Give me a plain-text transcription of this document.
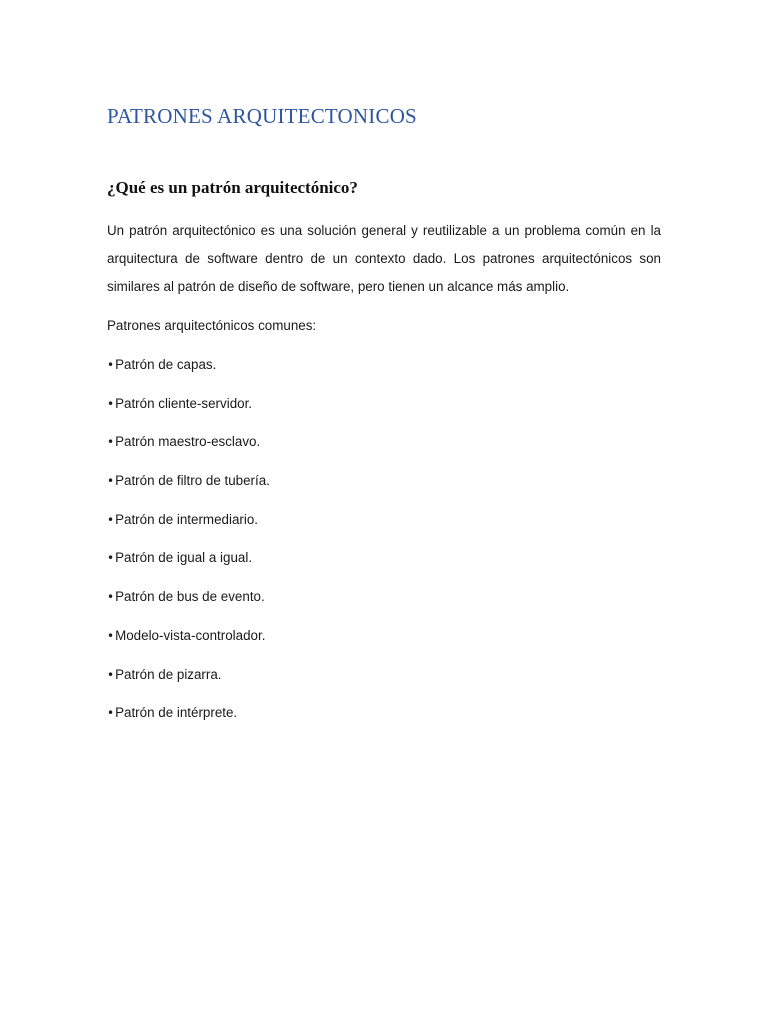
PATRONES ARQUITECTONICOS
¿Qué es un patrón arquitectónico?

Un patrón arquitectónico es una solución general y reutilizable a un problema común en la arquitectura de software dentro de un contexto dado. Los patrones arquitectónicos son similares al patrón de diseño de software, pero tienen un alcance más amplio.

Patrones arquitectónicos comunes:

•Patrón de capas.
•Patrón cliente-servidor.
•Patrón maestro-esclavo.
•Patrón de filtro de tubería.
•Patrón de intermediario.
•Patrón de igual a igual.
•Patrón de bus de evento.
•Modelo-vista-controlador.
•Patrón de pizarra.
•Patrón de intérprete.
